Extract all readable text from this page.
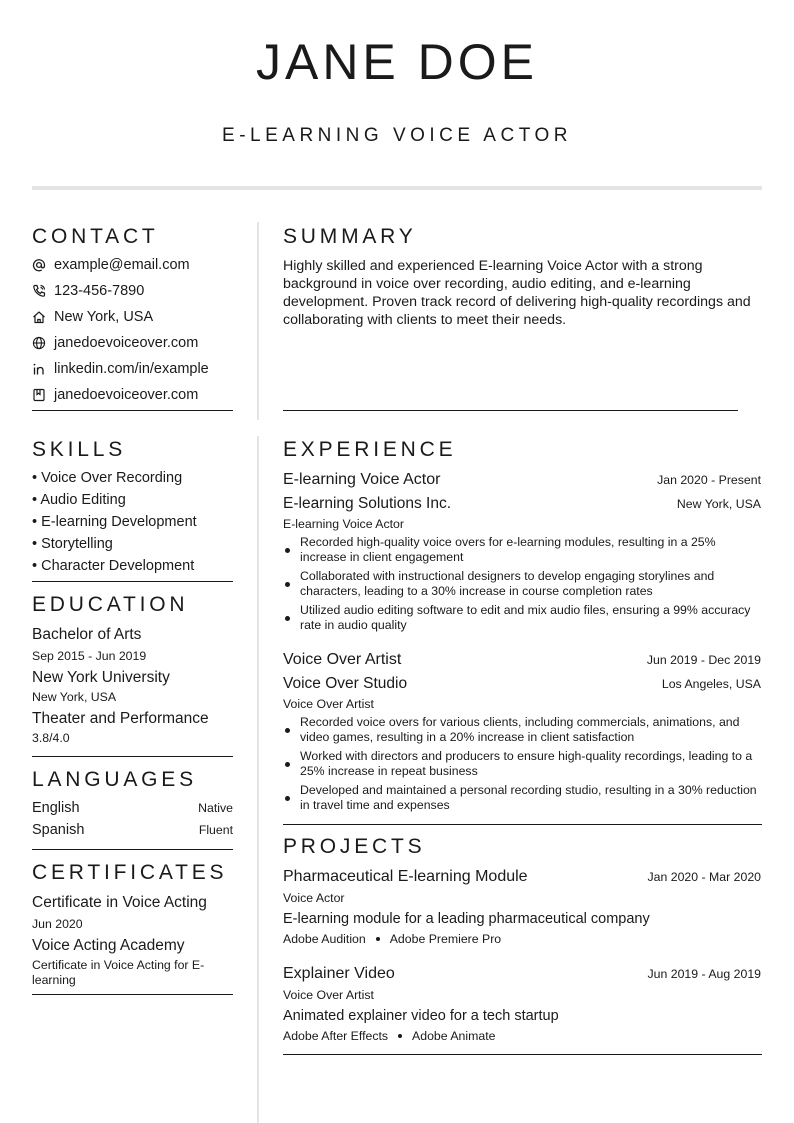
JANE DOE
E-LEARNING VOICE ACTOR
CONTACT
example@email.com
123-456-7890
New York, USA
janedoevoiceover.com
linkedin.com/in/example
janedoevoiceover.com
SUMMARY
Highly skilled and experienced E-learning Voice Actor with a strong background in voice over recording, audio editing, and e-learning development. Proven track record of delivering high-quality recordings and collaborating with clients to meet their needs.
SKILLS
• Voice Over Recording
• Audio Editing
• E-learning Development
• Storytelling
• Character Development
EDUCATION
Bachelor of Arts
Sep 2015 - Jun 2019
New York University
New York, USA
Theater and Performance
3.8/4.0
LANGUAGES
English	Native
Spanish	Fluent
CERTIFICATES
Certificate in Voice Acting
Jun 2020
Voice Acting Academy
Certificate in Voice Acting for E-learning
EXPERIENCE
E-learning Voice Actor	Jan 2020 - Present
E-learning Solutions Inc.	New York, USA
E-learning Voice Actor
Recorded high-quality voice overs for e-learning modules, resulting in a 25% increase in client engagement
Collaborated with instructional designers to develop engaging storylines and characters, leading to a 30% increase in course completion rates
Utilized audio editing software to edit and mix audio files, ensuring a 99% accuracy rate in audio quality
Voice Over Artist	Jun 2019 - Dec 2019
Voice Over Studio	Los Angeles, USA
Voice Over Artist
Recorded voice overs for various clients, including commercials, animations, and video games, resulting in a 20% increase in client satisfaction
Worked with directors and producers to ensure high-quality recordings, leading to a 25% increase in repeat business
Developed and maintained a personal recording studio, resulting in a 30% reduction in travel time and expenses
PROJECTS
Pharmaceutical E-learning Module	Jan 2020 - Mar 2020
Voice Actor
E-learning module for a leading pharmaceutical company
Adobe Audition Adobe Premiere Pro
Explainer Video	Jun 2019 - Aug 2019
Voice Over Artist
Animated explainer video for a tech startup
Adobe After Effects Adobe Animate
